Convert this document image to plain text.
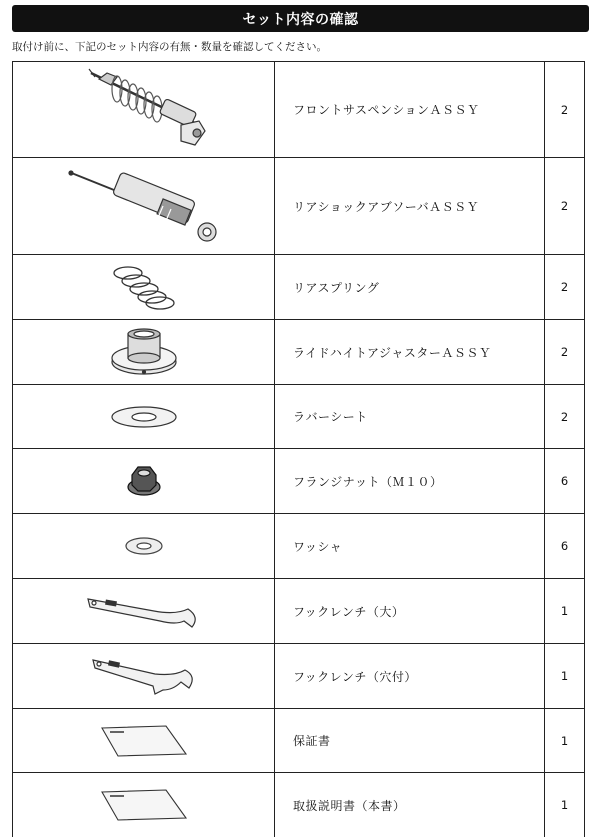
セット内容の確認
取付け前に、下記のセット内容の有無・数量を確認してください。
	フロントサスペンションＡＳＳＹ	2

	リアショックアブソーバＡＳＳＹ	2

	リアスプリング	2

	ライドハイトアジャスターＡＳＳＹ	2

	ラバーシート	2

	フランジナット（Ｍ１０）	6

	ワッシャ	6

	フックレンチ（大）	1

	フックレンチ（穴付）	1

	保証書	1

	取扱説明書（本書）	1
